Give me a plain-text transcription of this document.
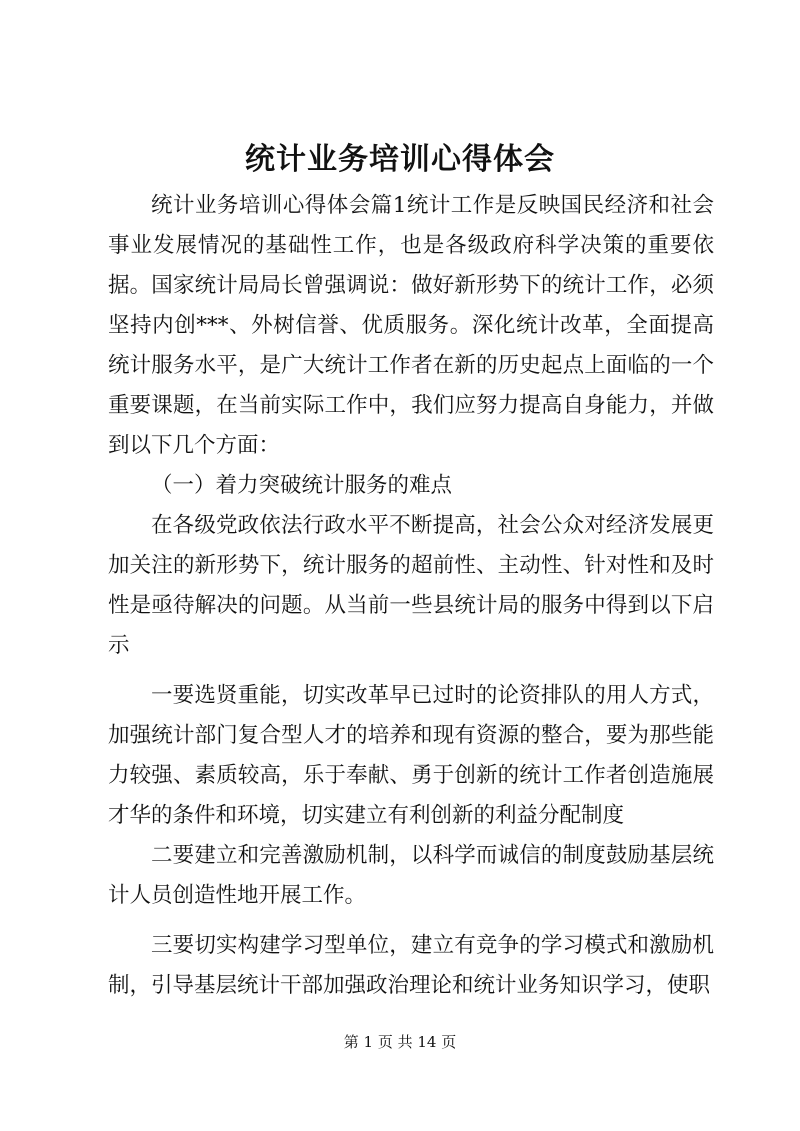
统计业务培训心得体会

统计业务培训心得体会篇1统计工作是反映国民经济和社会事业发展情况的基础性工作，也是各级政府科学决策的重要依据。国家统计局局长曾强调说：做好新形势下的统计工作，必须坚持内创***、外树信誉、优质服务。深化统计改革，全面提高统计服务水平，是广大统计工作者在新的历史起点上面临的一个重要课题，在当前实际工作中，我们应努力提高自身能力，并做到以下几个方面：

（一）着力突破统计服务的难点

在各级党政依法行政水平不断提高，社会公众对经济发展更加关注的新形势下，统计服务的超前性、主动性、针对性和及时性是亟待解决的问题。从当前一些县统计局的服务中得到以下启示

一要选贤重能，切实改革早已过时的论资排队的用人方式，加强统计部门复合型人才的培养和现有资源的整合，要为那些能力较强、素质较高，乐于奉献、勇于创新的统计工作者创造施展才华的条件和环境，切实建立有利创新的利益分配制度

二要建立和完善激励机制，以科学而诚信的制度鼓励基层统计人员创造性地开展工作。

三要切实构建学习型单位，建立有竞争的学习模式和激励机制，引导基层统计干部加强政治理论和统计业务知识学习，使职

第 1 页 共 14 页
